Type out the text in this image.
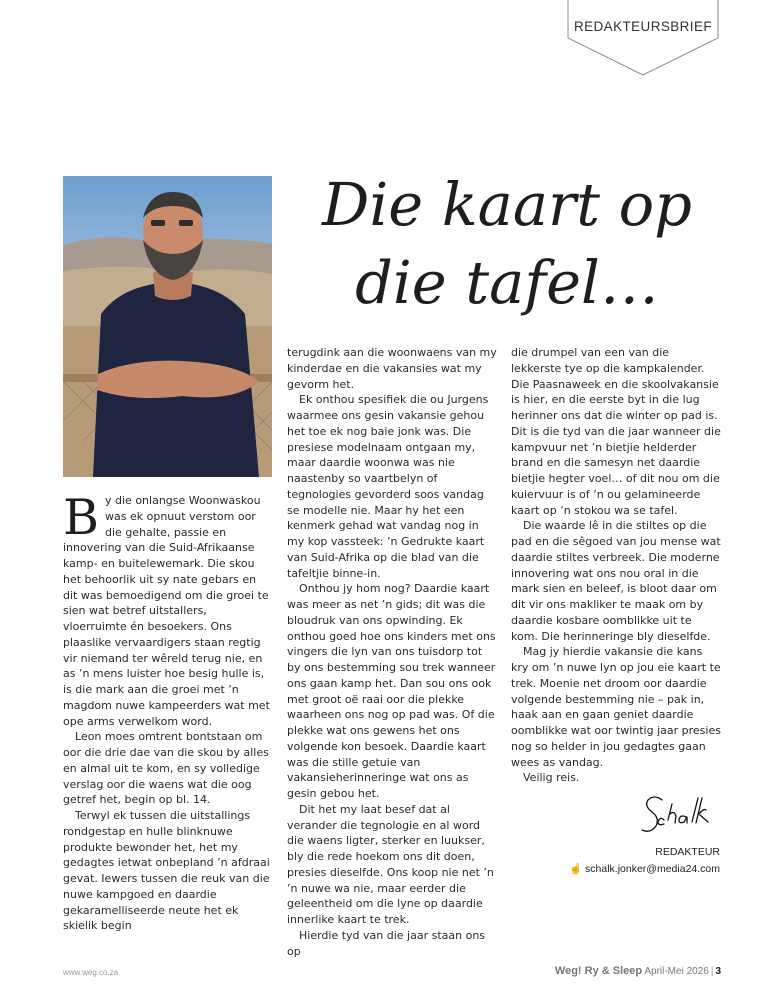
REDAKTEURSBRIEF
Die kaart op
die tafel…

By die onlangse Woonwaskou was ek opnuut verstom oor die gehalte, passie en innovering van die Suid-Afrikaanse kamp- en buitelewemark. Die skou het behoorlik uit sy nate gebars en dit was bemoedigend om die groei te sien wat betref uitstallers, vloerruimte én besoekers. Ons plaaslike vervaardigers staan regtig vir niemand ter wêreld terug nie, en as ’n mens luister hoe besig hulle is, is die mark aan die groei met ’n magdom nuwe kampeerders wat met ope arms verwelkom word.

Leon moes omtrent bontstaan om oor die drie dae van die skou by alles en almal uit te kom, en sy volledige verslag oor die waens wat die oog getref het, begin op bl. 14.

Terwyl ek tussen die uitstallings rondgestap en hulle blinknuwe produkte bewonder het, het my gedagtes ietwat onbepland ’n afdraai gevat. Iewers tussen die reuk van die nuwe kampgoed en daardie gekaramelliseerde neute het ek skielik begin

terugdink aan die woonwaens van my kinderdae en die vakansies wat my gevorm het.

Ek onthou spesifiek die ou Jurgens waarmee ons gesin vakansie gehou het toe ek nog baie jonk was. Die presiese modelnaam ontgaan my, maar daardie woonwa was nie naastenby so vaartbelyn of tegnologies gevorderd soos vandag se modelle nie. Maar hy het een kenmerk gehad wat vandag nog in my kop vassteek: ’n Gedrukte kaart van Suid-Afrika op die blad van die tafeltjie binne-in.

Onthou jy hom nog? Daardie kaart was meer as net ’n gids; dit was die bloudruk van ons opwinding. Ek onthou goed hoe ons kinders met ons vingers die lyn van ons tuisdorp tot by ons bestemming sou trek wanneer ons gaan kamp het. Dan sou ons ook met groot oë raai oor die plekke waarheen ons nog op pad was. Of die plekke wat ons gewens het ons volgende kon besoek. Daardie kaart was die stille getuie van vakansieherinneringe wat ons as gesin gebou het.

Dit het my laat besef dat al verander die tegnologie en al word die waens ligter, sterker en luukser, bly die rede hoekom ons dit doen, presies dieselfde. Ons koop nie net ’n ’n nuwe wa nie, maar eerder die geleentheid om die lyne op daardie innerlike kaart te trek.

Hierdie tyd van die jaar staan ons op

die drumpel van een van die lekkerste tye op die kampkalender. Die Paasnaweek en die skoolvakansie is hier, en die eerste byt in die lug herinner ons dat die winter op pad is. Dit is die tyd van die jaar wanneer die kampvuur net ’n bietjie helderder brand en die samesyn net daardie bietjie hegter voel… of dit nou om die kuiervuur is of ’n ou gelamineerde kaart op ’n stokou wa se tafel.

Die waarde lê in die stiltes op die pad en die sêgoed van jou mense wat daardie stiltes verbreek. Die moderne innovering wat ons nou oral in die mark sien en beleef, is bloot daar om dit vir ons makliker te maak om by daardie kosbare oomblikke uit te kom. Die herinneringe bly dieselfde.

Mag jy hierdie vakansie die kans kry om ’n nuwe lyn op jou eie kaart te trek. Moenie net droom oor daardie volgende bestemming nie – pak in, haak aan en gaan geniet daardie oomblikke wat oor twintig jaar presies nog so helder in jou gedagtes gaan wees as vandag.

Veilig reis.

REDAKTEUR
☝ schalk.jonker@media24.com
www.weg.co.za	Weg! Ry & Sleep April-Mei 2026 | 3
